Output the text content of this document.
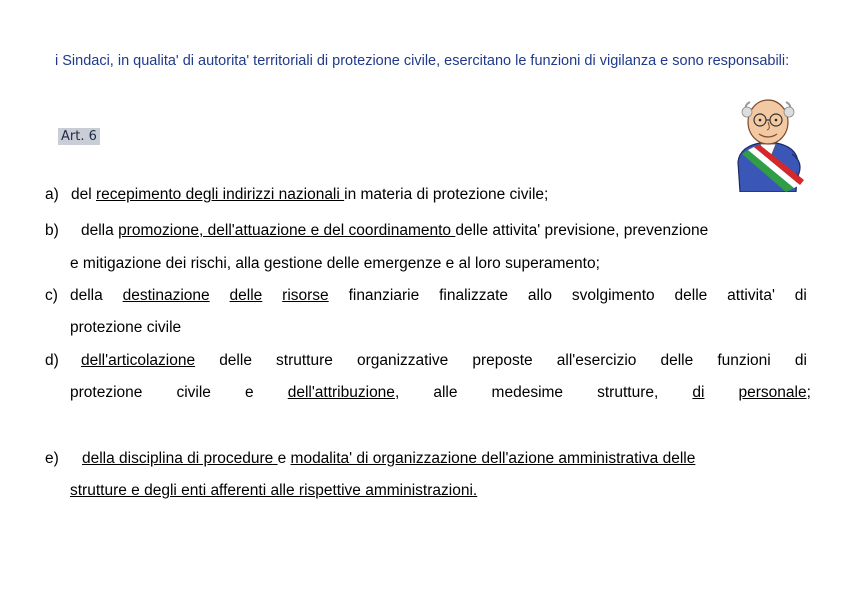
i Sindaci, in qualita' di autorita' territoriali di protezione civile, esercitano le funzioni di vigilanza e sono responsabili:
Art. 6
a) del recepimento degli indirizzi nazionali in materia di protezione civile;
b) della promozione, dell'attuazione e del coordinamento delle attivita' previsione, prevenzione
e mitigazione dei rischi, alla gestione delle emergenze e al loro superamento;
c) della destinazione delle risorse finanziarie finalizzate allo svolgimento delle attivita' di
protezione civile
d) dell'articolazione delle strutture organizzative preposte all'esercizio delle funzioni di
protezione civile e dell'attribuzione, alle medesime strutture, di personale;
e)	della disciplina di procedure e modalita' di organizzazione dell'azione amministrativa delle
strutture e degli enti afferenti alle rispettive amministrazioni.
